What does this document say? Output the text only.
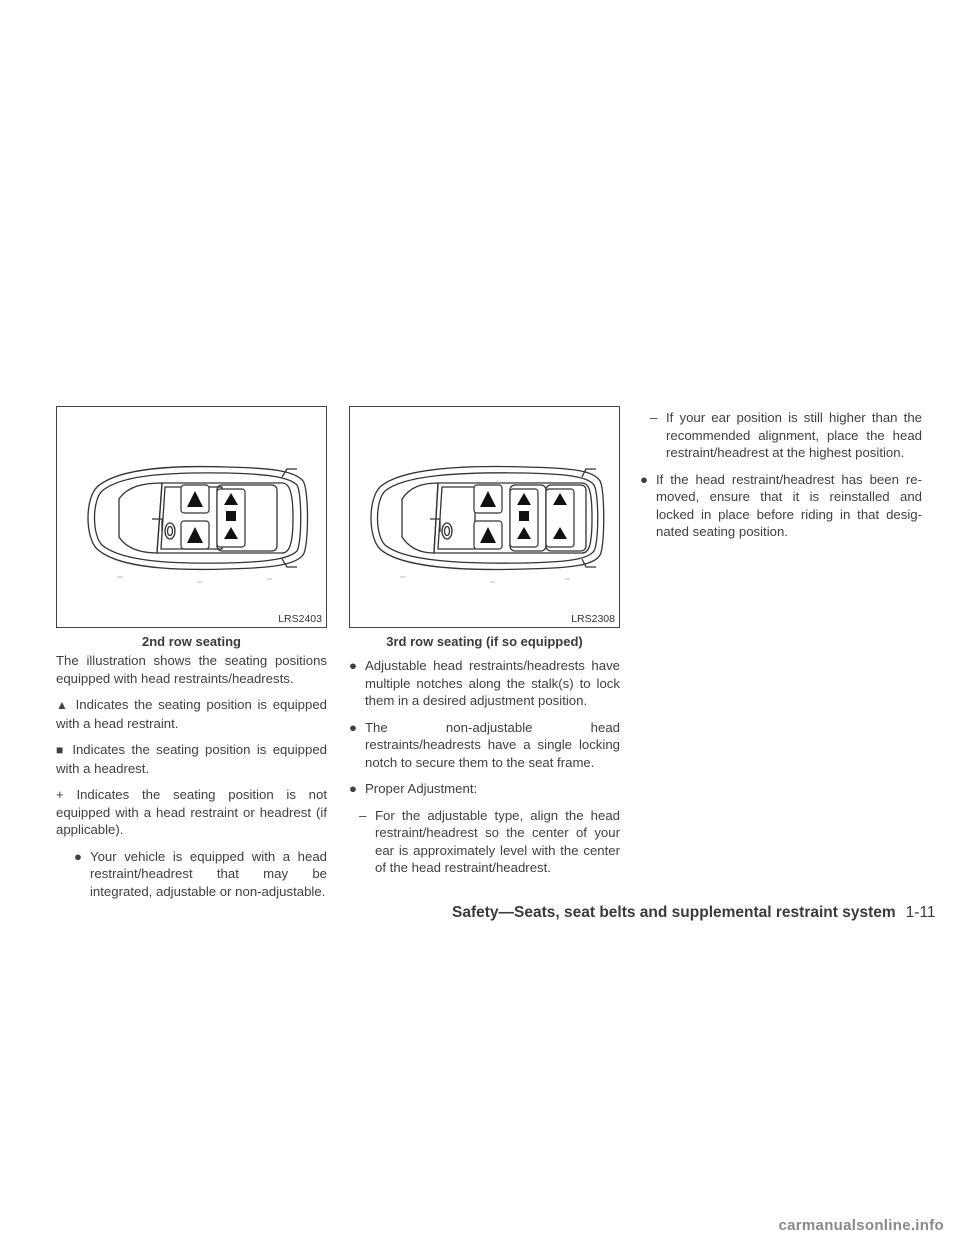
LRS2403
2nd row seating
LRS2308
3rd row seating (if so equipped)

The illustration shows the seating positions equipped with head restraints/headrests.

▲ Indicates the seating position is equipped with a head restraint.

■ Indicates the seating position is equipped with a headrest.

+ Indicates the seating position is not equipped with a head restraint or headrest (if applicable).

● Your vehicle is equipped with a head restraint/headrest that may be integrated, adjustable or non-adjustable.
● Adjustable head restraints/headrests have multiple notches along the stalk(s) to lock them in a desired adjustment position.
● The non-adjustable head restraints/headrests have a single locking notch to secure them to the seat frame.
● Proper Adjustment:
– For the adjustable type, align the head restraint/headrest so the center of your ear is approximately level with the center of the head restraint/headrest.
– If your ear position is still higher than the recommended alignment, place the head restraint/headrest at the highest position.
● If the head restraint/headrest has been re-moved, ensure that it is reinstalled and locked in place before riding in that desig-nated seating position.
Safety—Seats, seat belts and supplemental restraint system 1-11
carmanualsonline.info
